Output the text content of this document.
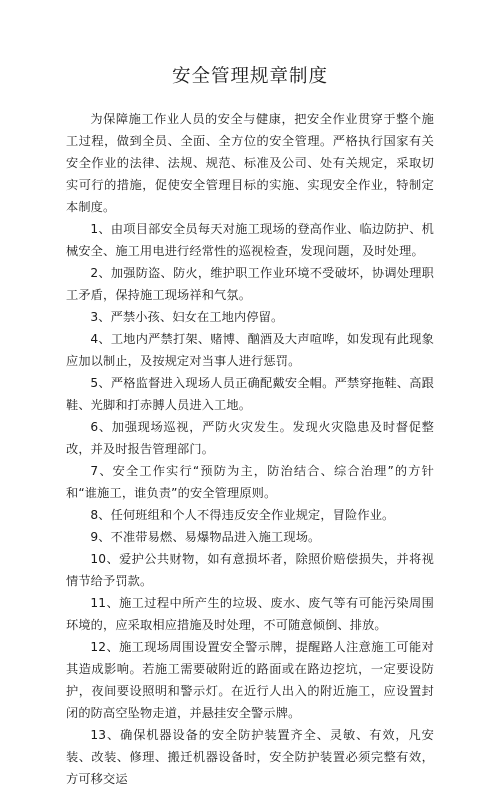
安全管理规章制度

为保障施工作业人员的安全与健康，把安全作业贯穿于整个施工过程，做到全员、全面、全方位的安全管理。严格执行国家有关安全作业的法律、法规、规范、标准及公司、处有关规定，采取切实可行的措施，促使安全管理目标的实施、实现安全作业，特制定本制度。

1、由项目部安全员每天对施工现场的登高作业、临边防护、机械安全、施工用电进行经常性的巡视检查，发现问题，及时处理。

2、加强防盗、防火，维护职工作业环境不受破坏，协调处理职工矛盾，保持施工现场祥和气氛。

3、严禁小孩、妇女在工地内停留。

4、工地内严禁打架、赌博、酗酒及大声喧哗，如发现有此现象应加以制止，及按规定对当事人进行惩罚。

5、严格监督进入现场人员正确配戴安全帽。严禁穿拖鞋、高跟鞋、光脚和打赤膊人员进入工地。

6、加强现场巡视，严防火灾发生。发现火灾隐患及时督促整改，并及时报告管理部门。

7、安全工作实行“预防为主，防治结合、综合治理”的方针和“谁施工，谁负责”的安全管理原则。

8、任何班组和个人不得违反安全作业规定，冒险作业。

9、不准带易燃、易爆物品进入施工现场。

10、爱护公共财物，如有意损坏者，除照价赔偿损失，并将视情节给予罚款。

11、施工过程中所产生的垃圾、废水、废气等有可能污染周围环境的，应采取相应措施及时处理，不可随意倾倒、排放。

12、施工现场周围设置安全警示牌，提醒路人注意施工可能对其造成影响。若施工需要破附近的路面或在路边挖坑，一定要设防护，夜间要设照明和警示灯。在近行人出入的附近施工，应设置封闭的防高空坠物走道，并悬挂安全警示牌。

13、确保机器设备的安全防护装置齐全、灵敏、有效，凡安装、改装、修理、搬迁机器设备时，安全防护装置必须完整有效，方可移交运
